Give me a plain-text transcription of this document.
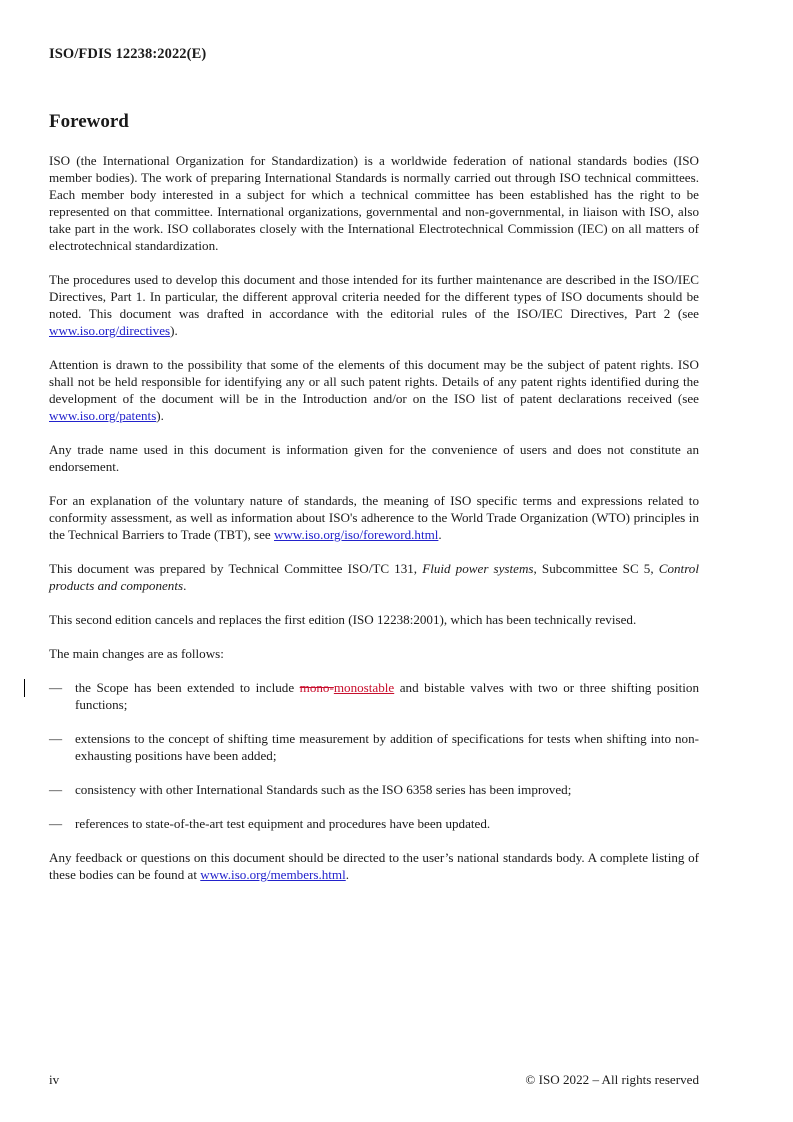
ISO/FDIS 12238:2022(E)
Foreword

ISO (the International Organization for Standardization) is a worldwide federation of national standards bodies (ISO member bodies). The work of preparing International Standards is normally carried out through ISO technical committees. Each member body interested in a subject for which a technical committee has been established has the right to be represented on that committee. International organizations, governmental and non-governmental, in liaison with ISO, also take part in the work. ISO collaborates closely with the International Electrotechnical Commission (IEC) on all matters of electrotechnical standardization.

The procedures used to develop this document and those intended for its further maintenance are described in the ISO/IEC Directives, Part 1. In particular, the different approval criteria needed for the different types of ISO documents should be noted. This document was drafted in accordance with the editorial rules of the ISO/IEC Directives, Part 2 (see www.iso.org/directives).

Attention is drawn to the possibility that some of the elements of this document may be the subject of patent rights. ISO shall not be held responsible for identifying any or all such patent rights. Details of any patent rights identified during the development of the document will be in the Introduction and/or on the ISO list of patent declarations received (see www.iso.org/patents).

Any trade name used in this document is information given for the convenience of users and does not constitute an endorsement.

For an explanation of the voluntary nature of standards, the meaning of ISO specific terms and expressions related to conformity assessment, as well as information about ISO's adherence to the World Trade Organization (WTO) principles in the Technical Barriers to Trade (TBT), see www.iso.org/iso/foreword.html.

This document was prepared by Technical Committee ISO/TC 131, Fluid power systems, Subcommittee SC 5, Control products and components.

This second edition cancels and replaces the first edition (ISO 12238:2001), which has been technically revised.

The main changes are as follows:

— the Scope has been extended to include mono-monostable and bistable valves with two or three shifting position functions;
— extensions to the concept of shifting time measurement by addition of specifications for tests when shifting into non-exhausting positions have been added;
— consistency with other International Standards such as the ISO 6358 series has been improved;
— references to state-of-the-art test equipment and procedures have been updated.

Any feedback or questions on this document should be directed to the user’s national standards body. A complete listing of these bodies can be found at www.iso.org/members.html.

iv	© ISO 2022 – All rights reserved
